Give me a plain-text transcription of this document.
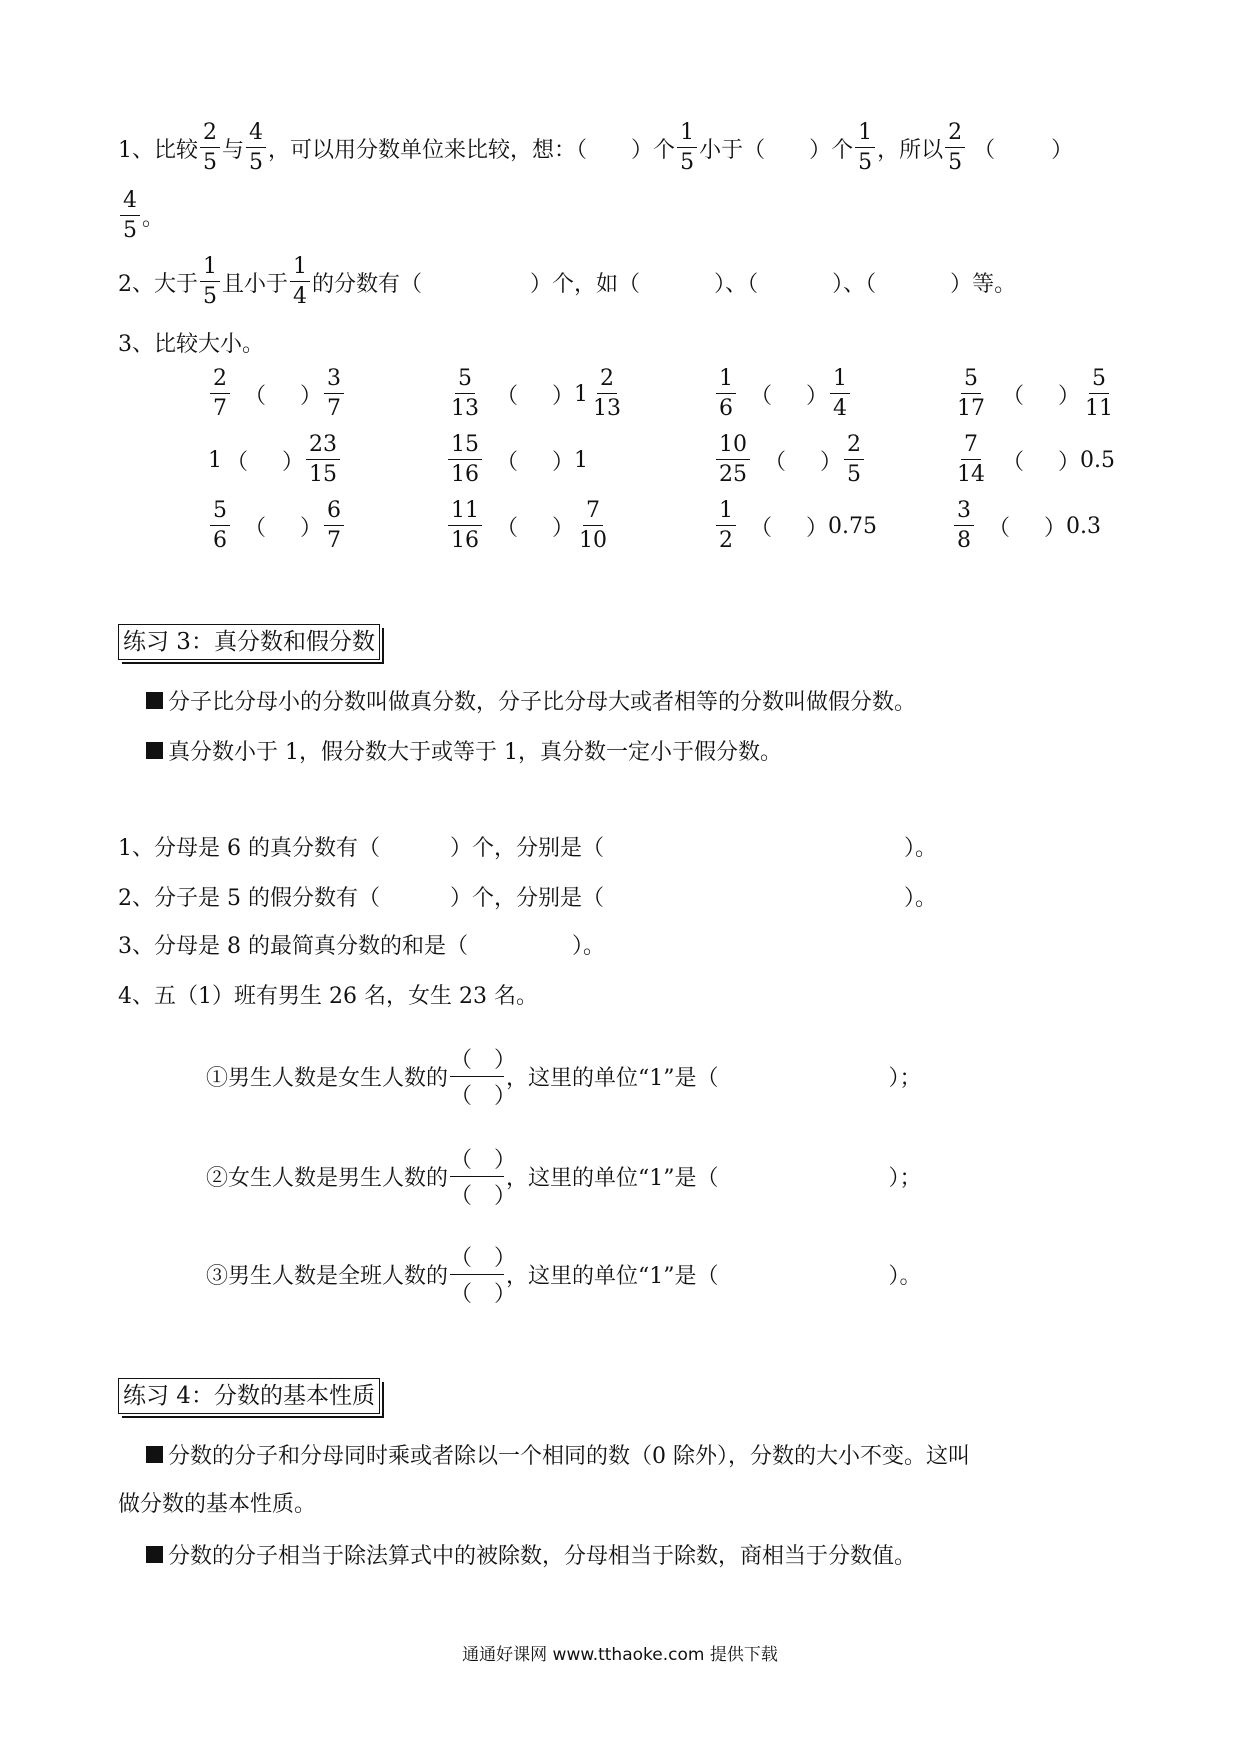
1、 比较 $\frac{2}{5}$ 与 $\frac{4}{5}$ ，可以用分数单位来比较，想：（ ）个 $\frac{1}{5}$ 小于（ ）个 $\frac{1}{5}$ ，所以 $\frac{2}{5}$ （	）
$\frac{4}{5}$ 。
2、 大于 $\frac{1}{5}$ 且小于 $\frac{1}{4}$ 的分数有（	）个，如（	）、（	）、（	）等。
3、 比较大小。
$\frac{2}{7}$ （ ） $\frac{3}{7}$	$\frac{5}{13}$ （ ） $1 \frac{2}{13}$	$\frac{1}{6}$ （ ） $\frac{1}{4}$	$\frac{5}{17}$ （ ） $\frac{5}{11}$
1 （ ） $\frac{23}{15}$	$\frac{15}{16}$ （ ） 1	$\frac{10}{25}$ （ ） $\frac{2}{5}$	$\frac{7}{14}$ （ ） 0.5
$\frac{5}{6}$ （ ） $\frac{6}{7}$	$\frac{11}{16}$ （ ） $\frac{7}{10}$	$\frac{1}{2}$ （ ） 0.75	$\frac{3}{8}$ （ ） 0.3
练习 3：真分数和假分数
分子比分母小的分数叫做真分数，分子比分母大或者相等的分数叫做假分数。
真分数小于 1，假分数大于或等于 1，真分数一定小于假分数。
1、分母是 6 的真分数有（	）个，分别是（	）。
2、分子是 5 的假分数有（	）个，分别是（	）。
3、分母是 8 的最简真分数的和是（	）。
4、五（1）班有男生 26 名，女生 23 名。
①男生人数是女生人数的
（　）
（　）
，这里的单位“1”是（	）；
②女生人数是男生人数的
（　）
（　）
，这里的单位“1”是（	）；
③男生人数是全班人数的
（　）
（　）
，这里的单位“1”是（	）。
练习 4：分数的基本性质
分数的分子和分母同时乘或者除以一个相同的数（0 除外），分数的大小不变。这叫
做分数的基本性质。
分数的分子相当于除法算式中的被除数，分母相当于除数，商相当于分数值。
通通好课网 www.tthaoke.com 提供下载
